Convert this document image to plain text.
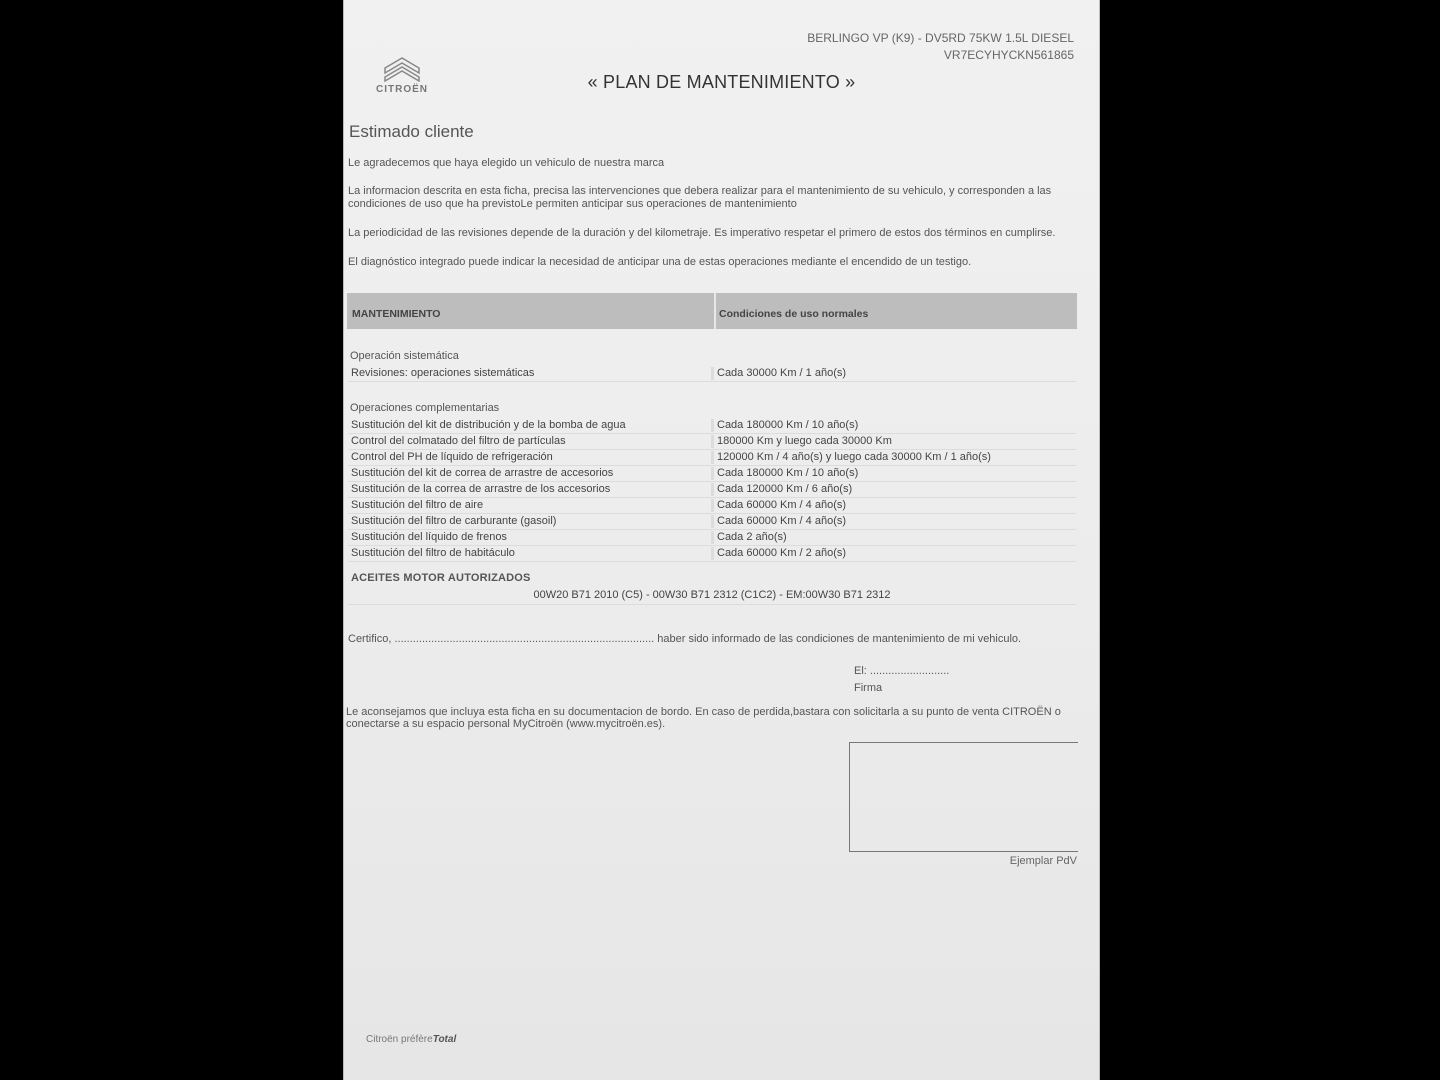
BERLINGO VP (K9) - DV5RD 75KW 1.5L DIESEL
VR7ECYHYCKN561865
CITROËN	« PLAN DE MANTENIMIENTO »
Estimado cliente
Le agradecemos que haya elegido un vehiculo de nuestra marca
La informacion descrita en esta ficha, precisa las intervenciones que debera realizar para el mantenimiento de su vehiculo, y corresponden a las condiciones de uso que ha previstoLe permiten anticipar sus operaciones de mantenimiento
La periodicidad de las revisiones depende de la duración y del kilometraje. Es imperativo respetar el primero de estos dos términos en cumplirse.
El diagnóstico integrado puede indicar la necesidad de anticipar una de estas operaciones mediante el encendido de un testigo.
MANTENIMIENTO	Condiciones de uso normales
Operación sistemática
Revisiones: operaciones sistemáticas	Cada 30000 Km / 1 año(s)
Operaciones complementarias
Sustitución del kit de distribución y de la bomba de agua	Cada 180000 Km / 10 año(s)
Control del colmatado del filtro de partículas	180000 Km y luego cada 30000 Km
Control del PH de líquido de refrigeración	120000 Km / 4 año(s) y luego cada 30000 Km / 1 año(s)
Sustitución del kit de correa de arrastre de accesorios	Cada 180000 Km / 10 año(s)
Sustitución de la correa de arrastre de los accesorios	Cada 120000 Km / 6 año(s)
Sustitución del filtro de aire	Cada 60000 Km / 4 año(s)
Sustitución del filtro de carburante (gasoil)	Cada 60000 Km / 4 año(s)
Sustitución del líquido de frenos	Cada 2 año(s)
Sustitución del filtro de habitáculo	Cada 60000 Km / 2 año(s)
ACEITES MOTOR AUTORIZADOS
00W20 B71 2010 (C5) - 00W30 B71 2312 (C1C2) - EM:00W30 B71 2312
Certifico, ..................................................................................... haber sido informado de las condiciones de mantenimiento de mi vehiculo.
El: ..........................
Firma
Le aconsejamos que incluya esta ficha en su documentacion de bordo. En caso de perdida,bastara con solicitarla a su punto de venta CITROËN o conectarse a su espacio personal MyCitroën (www.mycitroën.es).
Ejemplar PdV
Citroën préfèreTotal
